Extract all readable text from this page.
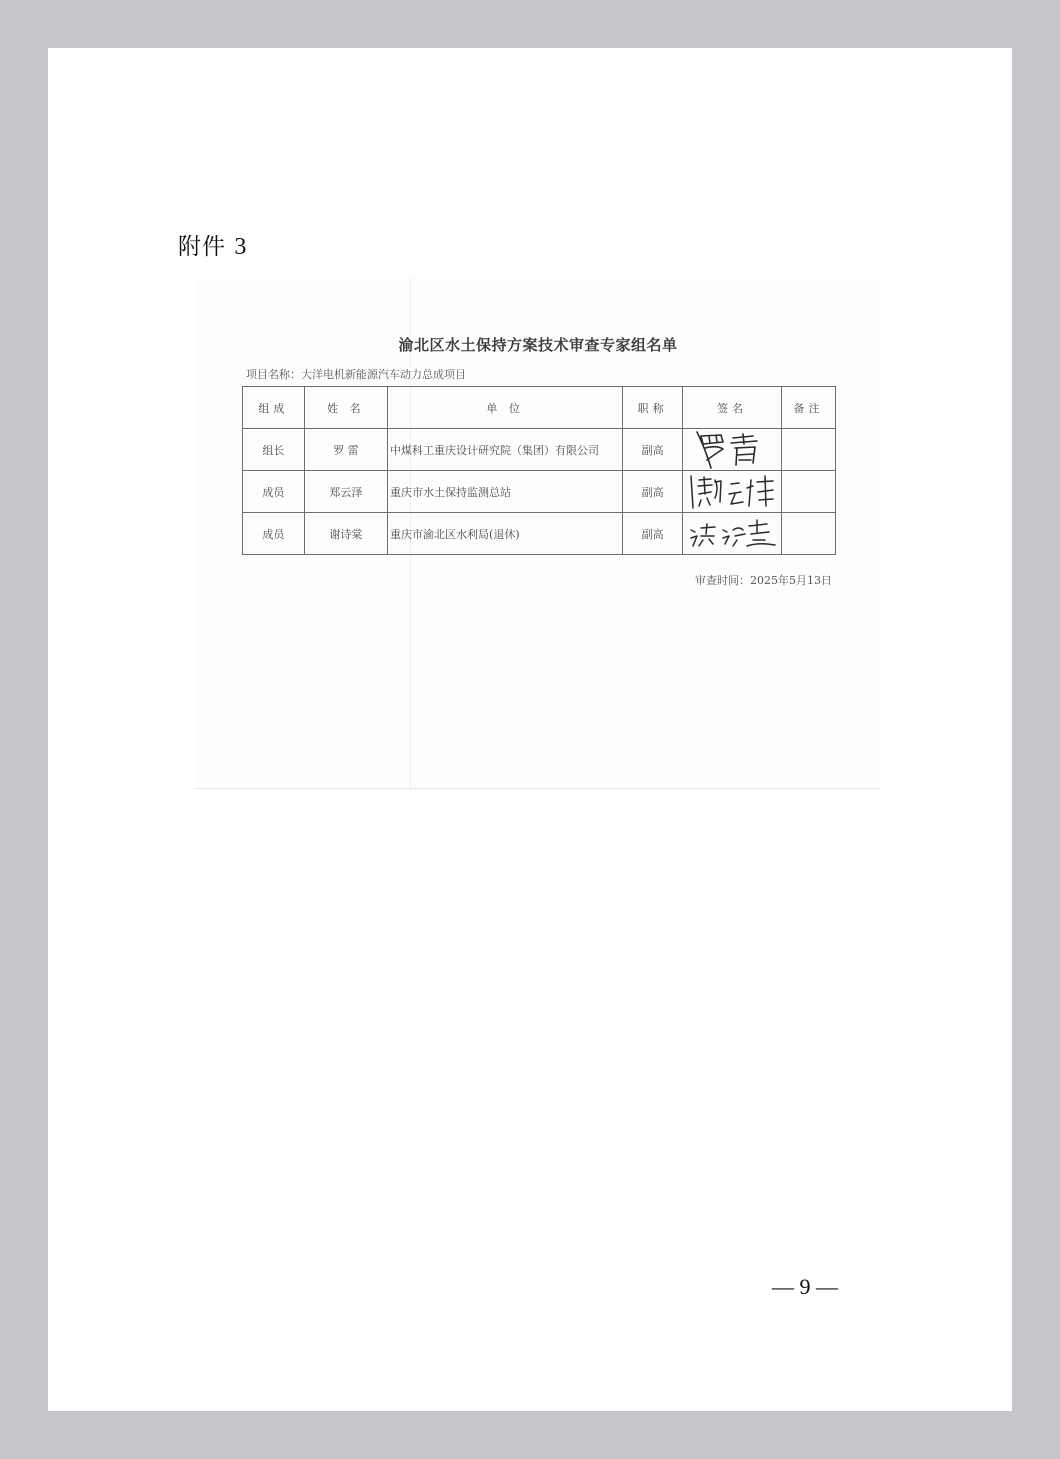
附件 3
渝北区水土保持方案技术审查专家组名单
项目名称：大洋电机新能源汽车动力总成项目
组成	姓 名	单 位	职称	签名	备注
组长	罗 雷	中煤科工重庆设计研究院（集团）有限公司	副高	

成员	郑云泽	重庆市水土保持监测总站	副高	

成员	谢诗棠	重庆市渝北区水利局(退休)	副高	

审查时间：2025年5月13日
— 9 —
